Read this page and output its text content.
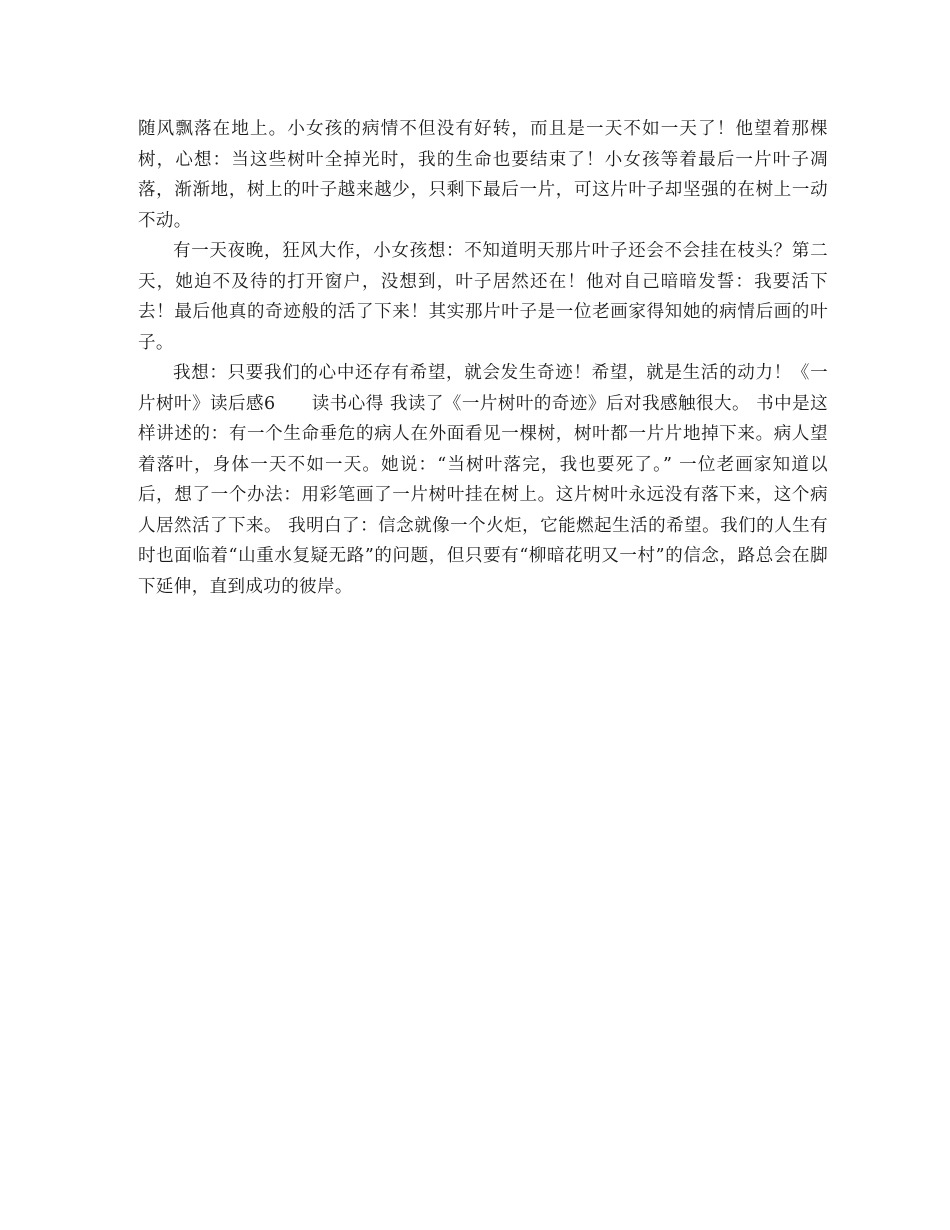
随风飘落在地上。小女孩的病情不但没有好转，而且是一天不如一天了！他望着那棵树，心想：当这些树叶全掉光时，我的生命也要结束了！小女孩等着最后一片叶子凋落，渐渐地，树上的叶子越来越少，只剩下最后一片，可这片叶子却坚强的在树上一动不动。

有一天夜晚，狂风大作，小女孩想：不知道明天那片叶子还会不会挂在枝头？第二天，她迫不及待的打开窗户，没想到，叶子居然还在！他对自己暗暗发誓：我要活下去！最后他真的奇迹般的活了下来！其实那片叶子是一位老画家得知她的病情后画的叶子。

我想：只要我们的心中还存有希望，就会发生奇迹！希望，就是生活的动力！《一片树叶》读后感6　　读书心得 我读了《一片树叶的奇迹》后对我感触很大。 书中是这样讲述的：有一个生命垂危的病人在外面看见一棵树，树叶都一片片地掉下来。病人望着落叶，身体一天不如一天。她说：“当树叶落完，我也要死了。” 一位老画家知道以后，想了一个办法：用彩笔画了一片树叶挂在树上。这片树叶永远没有落下来，这个病人居然活了下来。 我明白了：信念就像一个火炬，它能燃起生活的希望。我们的人生有时也面临着“山重水复疑无路”的问题，但只要有“柳暗花明又一村”的信念，路总会在脚下延伸，直到成功的彼岸。
